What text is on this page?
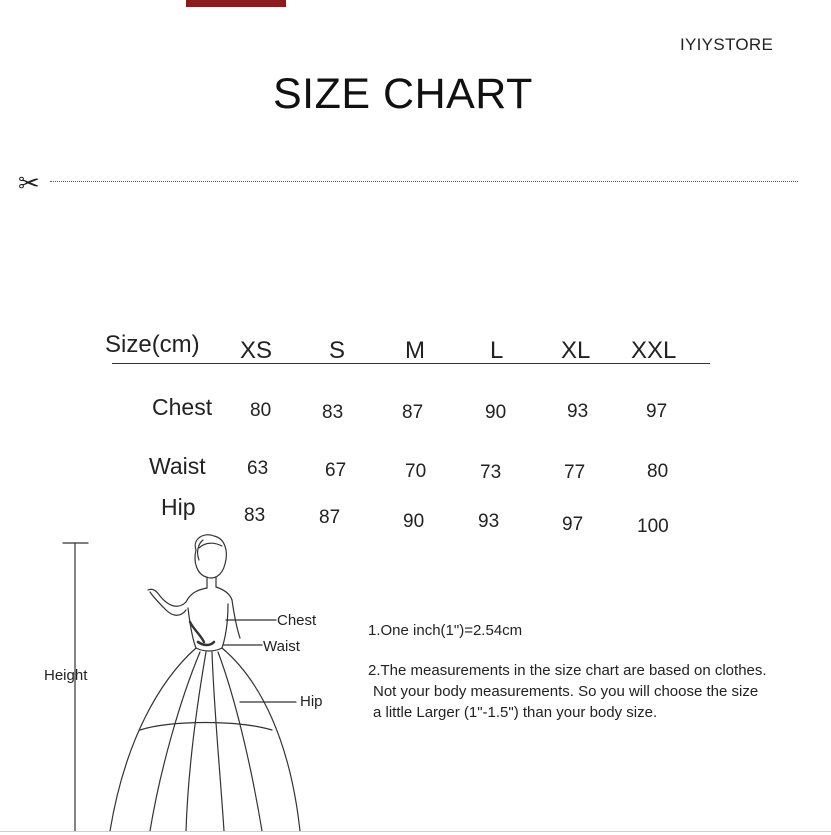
IYIYSTORE
SIZE CHART
✂
Size(cm) XS S M	L XL XXL
Chest 80	83	87	90	93	97
Waist 63	67	70	73	77	80
Hip	83	87	90	93	97	100
Height
Chest
Waist
Hip
1.One inch(1")=2.54cm
2.The measurements in the size chart are based on clothes.
Not your body measurements. So you will choose the size
a little Larger (1"-1.5") than your body size.
